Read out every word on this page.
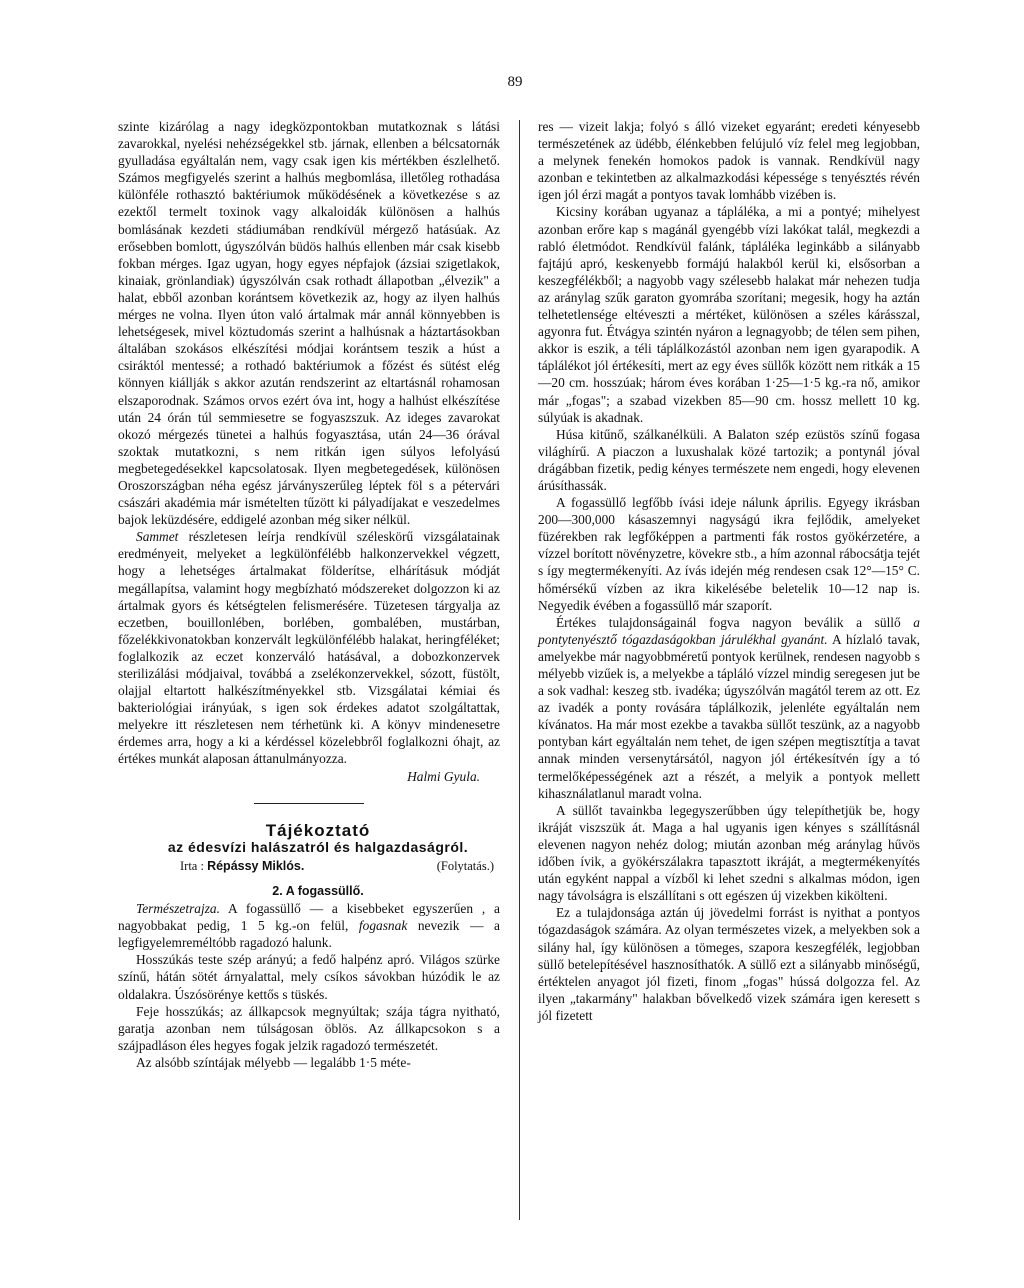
89

szinte kizárólag a nagy idegközpontokban mutatkoznak s látási zavarokkal, nyelési nehézségekkel stb. járnak, ellenben a bélcsatornák gyulladása egyáltalán nem, vagy csak igen kis mértékben észlelhető. Számos megfigyelés szerint a halhús megbomlása, illetőleg rothadása különféle rothasztó baktériumok működésének a következése s az ezektől termelt toxinok vagy alkaloidák különösen a halhús bomlásának kezdeti stádiumában rendkívül mérgező hatásúak. Az erősebben bomlott, úgyszólván büdös halhús ellenben már csak kisebb fokban mérges. Igaz ugyan, hogy egyes népfajok (ázsiai szigetlakok, kinaiak, grönlandiak) úgyszólván csak rothadt állapotban „élvezik" a halat, ebből azonban korántsem következik az, hogy az ilyen halhús mérges ne volna. Ilyen úton való ártalmak már annál könnyebben is lehetségesek, mivel köztudomás szerint a halhúsnak a háztartásokban általában szokásos elkészítési módjai korántsem teszik a húst a csiráktól mentessé; a rothadó baktériumok a főzést és sütést elég könnyen kiállják s akkor azután rendszerint az eltartásnál rohamosan elszaporodnak. Számos orvos ezért óva int, hogy a halhúst elkészítése után 24 órán túl semmiesetre se fogyaszszuk. Az ideges zavarokat okozó mérgezés tünetei a halhús fogyasztása, után 24—36 órával szoktak mutatkozni, s nem ritkán igen súlyos lefolyású megbetegedésekkel kapcsolatosak. Ilyen megbetegedések, különösen Oroszországban néha egész járványszerűleg léptek föl s a pétervári császári akadémia már ismételten tűzött ki pályadíjakat e veszedelmes bajok leküzdésére, eddigelé azonban még siker nélkül.

Sammet részletesen leírja rendkívül széleskörű vizsgálatainak eredményeit, melyeket a legkülönfélébb halkonzervekkel végzett, hogy a lehetséges ártalmakat földerítse, elhárításuk módját megállapítsa, valamint hogy megbízható módszereket dolgozzon ki az ártalmak gyors és kétségtelen felismerésére. Tüzetesen tárgyalja az eczetben, bouillonlében, borlében, gombalében, mustárban, főzelékkivonatokban konzervált legkülönfélébb halakat, heringféléket; foglalkozik az eczet konzerváló hatásával, a dobozkonzervek sterilizálási módjaival, továbbá a zselékonzervekkel, sózott, füstölt, olajjal eltartott halkészítményekkel stb. Vizsgálatai kémiai és bakteriológiai irányúak, s igen sok érdekes adatot szolgáltattak, melyekre itt részletesen nem térhetünk ki. A könyv mindenesetre érdemes arra, hogy a ki a kérdéssel közelebbről foglalkozni óhajt, az értékes munkát alaposan áttanulmányozza.

Halmi Gyula.

Tájékoztató

az édesvízi halászatról és halgazdaságról.

Irta : Répássy Miklós.	(Folytatás.)

2. A fogassüllő.

Természetrajza. A fogassüllő — a kisebbeket egyszerűen , a nagyobbakat pedig, 1 5 kg.-on felül, fogasnak nevezik — a legfigyelemreméltóbb ragadozó halunk.

Hosszúkás teste szép arányú; a fedő halpénz apró. Világos szürke színű, hátán sötét árnyalattal, mely csíkos sávokban húzódik le az oldalakra. Úszósörénye kettős s tüskés.

Feje hosszúkás; az állkapcsok megnyúltak; szája tágra nyitható, garatja azonban nem túlságosan öblös. Az állkapcsokon s a szájpadláson éles hegyes fogak jelzik ragadozó természetét.

Az alsóbb színtájak mélyebb — legalább 1·5 méte-

res — vizeit lakja; folyó s álló vizeket egyaránt; eredeti kényesebb természetének az üdébb, élénkebben felújuló víz felel meg legjobban, a melynek fenekén homokos padok is vannak. Rendkívül nagy azonban e tekintetben az alkalmazkodási képessége s tenyésztés révén igen jól érzi magát a pontyos tavak lomhább vizében is.

Kicsiny korában ugyanaz a tápláléka, a mi a pontyé; mihelyest azonban erőre kap s magánál gyengébb vízi lakókat talál, megkezdi a rabló életmódot. Rendkívül falánk, tápláléka leginkább a silányabb fajtájú apró, keskenyebb formájú halakból kerül ki, elsősorban a keszegfélékből; a nagyobb vagy szélesebb halakat már nehezen tudja az aránylag szűk garaton gyomrába szorítani; megesik, hogy ha aztán telhetetlensége eltéveszti a mértéket, különösen a széles kárásszal, agyonra fut. Étvágya szintén nyáron a legnagyobb; de télen sem pihen, akkor is eszik, a téli táplálkozástól azonban nem igen gyarapodik. A táplálékot jól értékesíti, mert az egy éves süllők között nem ritkák a 15—20 cm. hosszúak; három éves korában 1·25—1·5 kg.-ra nő, amikor már „fogas"; a szabad vizekben 85—90 cm. hossz mellett 10 kg. súlyúak is akadnak.

Húsa kitűnő, szálkanélküli. A Balaton szép ezüstös színű fogasa világhírű. A piaczon a luxushalak közé tartozik; a pontynál jóval drágábban fizetik, pedig kényes természete nem engedi, hogy elevenen árúsíthassák.

A fogassüllő legfőbb ívási ideje nálunk április. Egyegy ikrásban 200—300,000 kásaszemnyi nagyságú ikra fejlődik, amelyeket füzérekben rak legfőképpen a partmenti fák rostos gyökérzetére, a vízzel borított növényzetre, kövekre stb., a hím azonnal rábocsátja tejét s így megtermékenyíti. Az ívás idején még rendesen csak 12°—15° C. hőmérsékű vízben az ikra kikelésébe beletelik 10—12 nap is. Negyedik évében a fogassüllő már szaporít.

Értékes tulajdonságainál fogva nagyon beválik a süllő a pontytenyésztő tógazdaságokban járulékhal gyanánt. A hízlaló tavak, amelyekbe már nagyobbméretű pontyok kerülnek, rendesen nagyobb s mélyebb vizűek is, a melyekbe a tápláló vízzel mindig seregesen jut be a sok vadhal: keszeg stb. ivadéka; úgyszólván magától terem az ott. Ez az ivadék a ponty rovására táplálkozik, jelenléte egyáltalán nem kívánatos. Ha már most ezekbe a tavakba süllőt teszünk, az a nagyobb pontyban kárt egyáltalán nem tehet, de igen szépen megtisztítja a tavat annak minden versenytársától, nagyon jól értékesítvén így a tó termelőképességének azt a részét, a melyik a pontyok mellett kihasználatlanul maradt volna.

A süllőt tavainkba legegyszerűbben úgy telepíthetjük be, hogy ikráját viszszük át. Maga a hal ugyanis igen kényes s szállításnál elevenen nagyon nehéz dolog; miután azonban még aránylag hűvös időben ívik, a gyökérszálakra tapasztott ikráját, a megtermékenyítés után egyként nappal a vízből ki lehet szedni s alkalmas módon, igen nagy távolságra is elszállítani s ott egészen új vizekben kikölteni.

Ez a tulajdonsága aztán új jövedelmi forrást is nyithat a pontyos tógazdaságok számára. Az olyan természetes vizek, a melyekben sok a silány hal, így különösen a tömeges, szapora keszegfélék, legjobban süllő betelepítésével hasznosíthatók. A süllő ezt a silányabb minőségű, értéktelen anyagot jól fizeti, finom „fogas" hússá dolgozza fel. Az ilyen „takarmány" halakban bővelkedő vizek számára igen keresett s jól fizetett
